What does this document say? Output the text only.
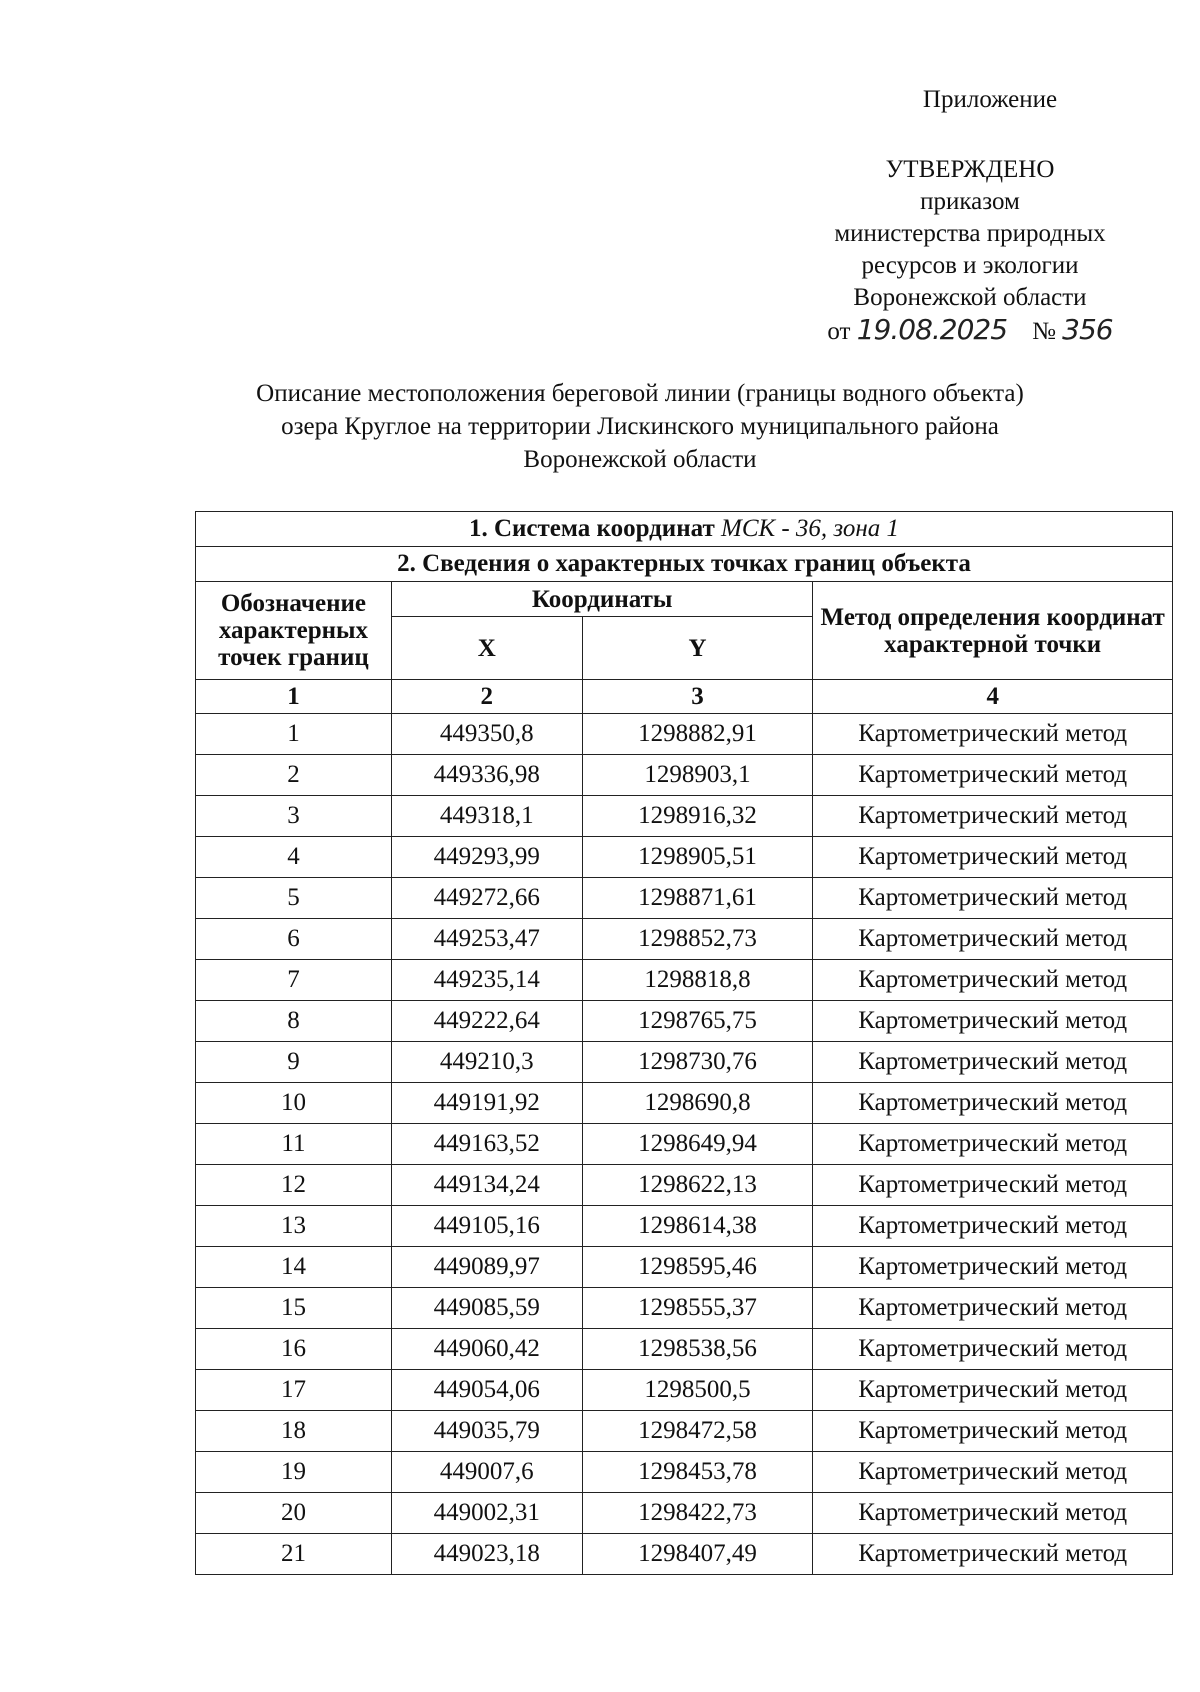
Приложение
УТВЕРЖДЕНО
приказом
министерства природных
ресурсов и экологии
Воронежской области
от 19.08.2025 № 356
Описание местоположения береговой линии (границы водного объекта)
озера Круглое на территории Лискинского муниципального района
Воронежской области
1. Система координат МСК - 36, зона 1			
2. Сведения о характерных точках границ объекта			
Обозначение характерных точек границ	Координаты		Метод определения координат характерной точки
	X	Y	
1	2	3	4
1	449350,8	1298882,91	Картометрический метод
2	449336,98	1298903,1	Картометрический метод
3	449318,1	1298916,32	Картометрический метод
4	449293,99	1298905,51	Картометрический метод
5	449272,66	1298871,61	Картометрический метод
6	449253,47	1298852,73	Картометрический метод
7	449235,14	1298818,8	Картометрический метод
8	449222,64	1298765,75	Картометрический метод
9	449210,3	1298730,76	Картометрический метод
10	449191,92	1298690,8	Картометрический метод
11	449163,52	1298649,94	Картометрический метод
12	449134,24	1298622,13	Картометрический метод
13	449105,16	1298614,38	Картометрический метод
14	449089,97	1298595,46	Картометрический метод
15	449085,59	1298555,37	Картометрический метод
16	449060,42	1298538,56	Картометрический метод
17	449054,06	1298500,5	Картометрический метод
18	449035,79	1298472,58	Картометрический метод
19	449007,6	1298453,78	Картометрический метод
20	449002,31	1298422,73	Картометрический метод
21	449023,18	1298407,49	Картометрический метод
